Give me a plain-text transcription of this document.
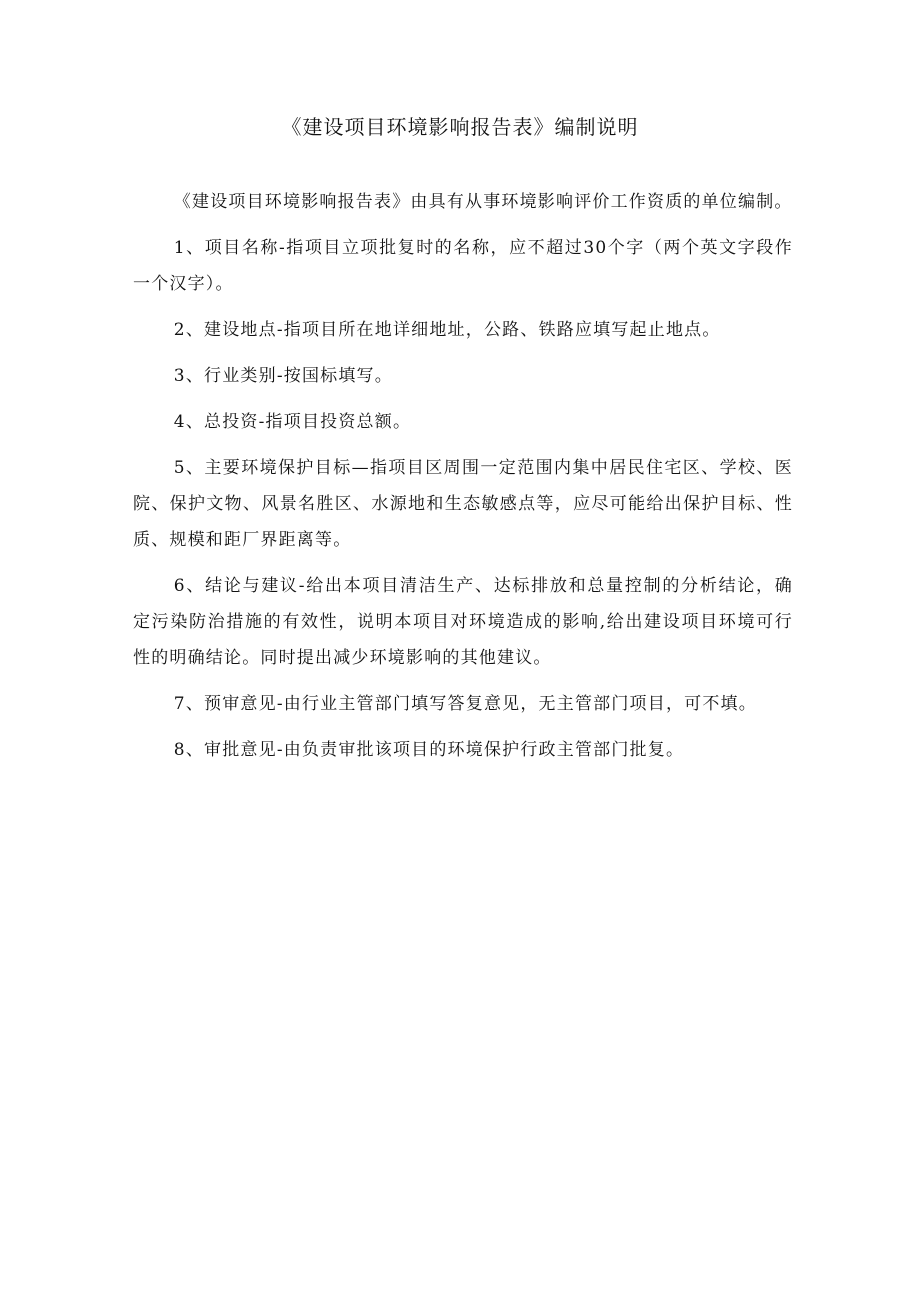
《建设项目环境影响报告表》编制说明

《建设项目环境影响报告表》由具有从事环境影响评价工作资质的单位编制。

1、项目名称-指项目立项批复时的名称，应不超过30个字（两个英文字段作一个汉字）。

2、建设地点-指项目所在地详细地址，公路、铁路应填写起止地点。

3、行业类别-按国标填写。

4、总投资-指项目投资总额。

5、主要环境保护目标—指项目区周围一定范围内集中居民住宅区、学校、医院、保护文物、风景名胜区、水源地和生态敏感点等，应尽可能给出保护目标、性质、规模和距厂界距离等。

6、结论与建议-给出本项目清洁生产、达标排放和总量控制的分析结论，确定污染防治措施的有效性，说明本项目对环境造成的影响,给出建设项目环境可行性的明确结论。同时提出减少环境影响的其他建议。

7、预审意见-由行业主管部门填写答复意见，无主管部门项目，可不填。

8、审批意见-由负责审批该项目的环境保护行政主管部门批复。
